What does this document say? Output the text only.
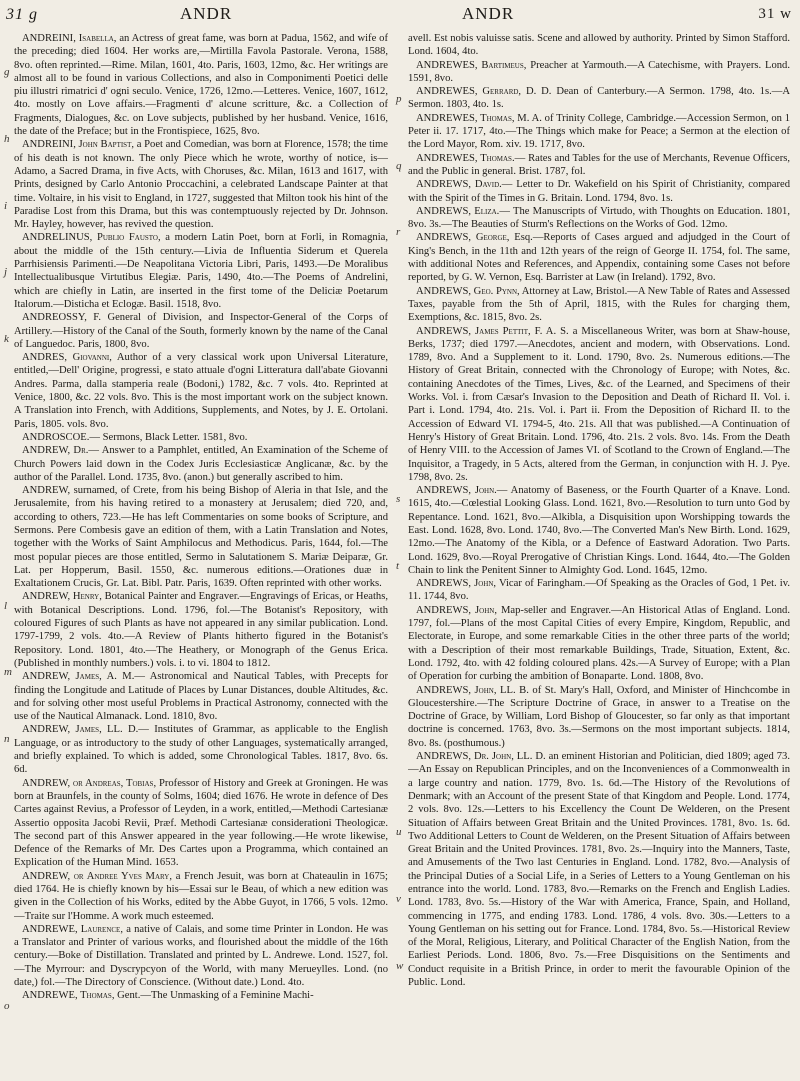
31 g	ANDR	ANDR	31 w

ANDREINI, Isabella, an Actress of great fame, was born at Padua, 1562, and wife of the preceding; died 1604. Her works are,—Mirtilla Favola Pastorale. Verona, 1588, 8vo. often reprinted.—Rime. Milan, 1601, 4to. Paris, 1603, 12mo, &c. Her writings are almost all to be found in various Collections, and also in Componimenti Poetici delle piu illustri rimatrici d' ogni seculo. Venice, 1726, 12mo.—Letteres. Venice, 1607, 1612, 4to. mostly on Love affairs.—Fragmenti d' alcune scritture, &c. a Collection of Fragments, Dialogues, &c. on Love subjects, published by her husband. Venice, 1616, the date of the Preface; but in the Frontispiece, 1625, 8vo.

ANDREINI, John Baptist, a Poet and Comedian, was born at Florence, 1578; the time of his death is not known. The only Piece which he wrote, worthy of notice, is—Adamo, a Sacred Drama, in five Acts, with Choruses, &c. Milan, 1613 and 1617, with Prints, designed by Carlo Antonio Proccachini, a celebrated Landscape Painter at that time. Voltaire, in his visit to England, in 1727, suggested that Milton took his hint of the Paradise Lost from this Drama, but this was contemptuously rejected by Dr. Johnson. Mr. Hayley, however, has revived the question.

ANDRELINUS, Publio Fausto, a modern Latin Poet, born at Forli, in Romagnia, about the middle of the 15th century.—Livia de Influentia Siderum et Querela Parrhisiensis Parimenti.—De Neapolitana Victoria Libri, Paris, 1493.—De Moralibus Intellectualibusque Virtutibus Elegiæ. Paris, 1490, 4to.—The Poems of Andrelini, which are chiefly in Latin, are inserted in the first tome of the Deliciæ Poetarum Italorum.—Disticha et Eclogæ. Basil. 1518, 8vo.

ANDREOSSY, F. General of Division, and Inspector-General of the Corps of Artillery.—History of the Canal of the South, formerly known by the name of the Canal of Languedoc. Paris, 1800, 8vo.

ANDRES, Giovanni, Author of a very classical work upon Universal Literature, entitled,—Dell' Origine, progressi, e stato attuale d'ogni Litteratura dall'abate Giovanni Andres. Parma, dalla stamperia reale (Bodoni,) 1782, &c. 7 vols. 4to. Reprinted at Venice, 1800, &c. 22 vols. 8vo. This is the most important work on the subject known. A Translation into French, with Additions, Supplements, and Notes, by J. E. Ortolani. Paris, 1805. vols. 8vo.

ANDROSCOE.— Sermons, Black Letter. 1581, 8vo.

ANDREW, Dr.— Answer to a Pamphlet, entitled, An Examination of the Scheme of Church Powers laid down in the Codex Juris Ecclesiasticæ Anglicanæ, &c. by the author of the Parallel. Lond. 1735, 8vo. (anon.) but generally ascribed to him.

ANDREW, surnamed, of Crete, from his being Bishop of Aleria in that Isle, and the Jerusalemite, from his having retired to a monastery at Jerusalem; died 720, and, according to others, 723.—He has left Commentaries on some books of Scripture, and Sermons. Pere Combesis gave an edition of them, with a Latin Translation and Notes, together with the Works of Saint Amphilocus and Methodicus. Paris, 1644, fol.—The most popular pieces are those entitled, Sermo in Salutationem S. Mariæ Deiparæ, Gr. Lat. per Hopperum, Basil. 1550, &c. numerous editions.—Orationes duæ in Exaltationem Crucis, Gr. Lat. Bibl. Patr. Paris, 1639. Often reprinted with other works.

ANDREW, Henry, Botanical Painter and Engraver.—Engravings of Ericas, or Heaths, with Botanical Descriptions. Lond. 1796, fol.—The Botanist's Repository, with coloured Figures of such Plants as have not appeared in any similar publication. Lond. 1797-1799, 2 vols. 4to.—A Review of Plants hitherto figured in the Botanist's Repository. Lond. 1801, 4to.—The Heathery, or Monograph of the Genus Erica. (Published in monthly numbers.) vols. i. to vi. 1804 to 1812.

ANDREW, James, A. M.— Astronomical and Nautical Tables, with Precepts for finding the Longitude and Latitude of Places by Lunar Distances, double Altitudes, &c. and for solving other most useful Problems in Practical Astronomy, connected with the use of the Nautical Almanack. Lond. 1810, 8vo.

ANDREW, James, LL. D.— Institutes of Grammar, as applicable to the English Language, or as introductory to the study of other Languages, systematically arranged, and briefly explained. To which is added, some Chronological Tables. 1817, 8vo. 6s. 6d.

ANDREW, or Andreas, Tobias, Professor of History and Greek at Groningen. He was born at Braunfels, in the county of Solms, 1604; died 1676. He wrote in defence of Des Cartes against Revius, a Professor of Leyden, in a work, entitled,—Methodi Cartesianæ Assertio opposita Jacobi Revii, Præf. Methodi Cartesianæ considerationi Theologicæ. The second part of this Answer appeared in the year following.—He wrote likewise, Defence of the Remarks of Mr. Des Cartes upon a Programma, which contained an Explication of the Human Mind. 1653.

ANDREW, or Andree Yves Mary, a French Jesuit, was born at Chateaulin in 1675; died 1764. He is chiefly known by his—Essai sur le Beau, of which a new edition was given in the Collection of his Works, edited by the Abbe Guyot, in 1766, 5 vols. 12mo.—Traite sur l'Homme. A work much esteemed.

ANDREWE, Laurence, a native of Calais, and some time Printer in London. He was a Translator and Printer of various works, and flourished about the middle of the 16th century.—Boke of Distillation. Translated and printed by L. Andrewe. Lond. 1527, fol.—The Myrrour: and Dyscrypcyon of the World, with many Merueylles. Lond. (no date,) fol.—The Directory of Conscience. (Without date.) Lond. 4to.

ANDREWE, Thomas, Gent.—The Unmasking of a Feminine Machi-

avell. Est nobis valuisse satis. Scene and allowed by authority. Printed by Simon Stafford. Lond. 1604, 4to.

ANDREWES, Bartimeus, Preacher at Yarmouth.—A Catechisme, with Prayers. Lond. 1591, 8vo.

ANDREWES, Gerrard, D. D. Dean of Canterbury.—A Sermon. 1798, 4to. 1s.—A Sermon. 1803, 4to. 1s.

ANDREWES, Thomas, M. A. of Trinity College, Cambridge.—Accession Sermon, on 1 Peter ii. 17. 1717, 4to.—The Things which make for Peace; a Sermon at the election of the Lord Mayor, Rom. xiv. 19. 1717, 8vo.

ANDREWES, Thomas.— Rates and Tables for the use of Merchants, Revenue Officers, and the Public in general. Brist. 1787, fol.

ANDREWS, David.— Letter to Dr. Wakefield on his Spirit of Christianity, compared with the Spirit of the Times in G. Britain. Lond. 1794, 8vo. 1s.

ANDREWS, Eliza.— The Manuscripts of Virtudo, with Thoughts on Education. 1801, 8vo. 3s.—The Beauties of Sturm's Reflections on the Works of God. 12mo.

ANDREWS, George, Esq.—Reports of Cases argued and adjudged in the Court of King's Bench, in the 11th and 12th years of the reign of George II. 1754, fol. The same, with additional Notes and References, and Appendix, containing some Cases not before reported, by G. W. Vernon, Esq. Barrister at Law (in Ireland). 1792, 8vo.

ANDREWS, Geo. Pynn, Attorney at Law, Bristol.—A New Table of Rates and Assessed Taxes, payable from the 5th of April, 1815, with the Rules for charging them, Exemptions, &c. 1815, 8vo. 2s.

ANDREWS, James Pettit, F. A. S. a Miscellaneous Writer, was born at Shaw-house, Berks, 1737; died 1797.—Anecdotes, ancient and modern, with Observations. Lond. 1789, 8vo. And a Supplement to it. Lond. 1790, 8vo. 2s. Numerous editions.—The History of Great Britain, connected with the Chronology of Europe; with Notes, &c. containing Anecdotes of the Times, Lives, &c. of the Learned, and Specimens of their Works. Vol. i. from Cæsar's Invasion to the Deposition and Death of Richard II. Vol. i. Part i. Lond. 1794, 4to. 21s. Vol. i. Part ii. From the Deposition of Richard II. to the Accession of Edward VI. 1794-5, 4to. 21s. All that was published.—A Continuation of Henry's History of Great Britain. Lond. 1796, 4to. 21s. 2 vols. 8vo. 14s. From the Death of Henry VIII. to the Accession of James VI. of Scotland to the Crown of England.—The Inquisitor, a Tragedy, in 5 Acts, altered from the German, in conjunction with H. J. Pye. 1798, 8vo. 2s.

ANDREWS, John.— Anatomy of Baseness, or the Fourth Quarter of a Knave. Lond. 1615, 4to.—Cœlestial Looking Glass. Lond. 1621, 8vo.—Resolution to turn unto God by Repentance. Lond. 1621, 8vo.—Alkibla, a Disquisition upon Worshipping towards the East. Lond. 1628, 8vo. Lond. 1740, 8vo.—The Converted Man's New Birth. Lond. 1629, 12mo.—The Anatomy of the Kibla, or a Defence of Eastward Adoration. Two Parts. Lond. 1629, 8vo.—Royal Prerogative of Christian Kings. Lond. 1644, 4to.—The Golden Chain to link the Penitent Sinner to Almighty God. Lond. 1645, 12mo.

ANDREWS, John, Vicar of Faringham.—Of Speaking as the Oracles of God, 1 Pet. iv. 11. 1744, 8vo.

ANDREWS, John, Map-seller and Engraver.—An Historical Atlas of England. Lond. 1797, fol.—Plans of the most Capital Cities of every Empire, Kingdom, Republic, and Electorate, in Europe, and some remarkable Cities in the other three parts of the world; with a Description of their most remarkable Buildings, Trade, Situation, Extent, &c. Lond. 1792, 4to. with 42 folding coloured plans. 42s.—A Survey of Europe; with a Plan of Operation for curbing the ambition of Bonaparte. Lond. 1808, 8vo.

ANDREWS, John, LL. B. of St. Mary's Hall, Oxford, and Minister of Hinchcombe in Gloucestershire.—The Scripture Doctrine of Grace, in answer to a Treatise on the Doctrine of Grace, by William, Lord Bishop of Gloucester, so far only as that important doctrine is concerned. 1763, 8vo. 3s.—Sermons on the most important subjects. 1814, 8vo. 8s. (posthumous.)

ANDREWS, Dr. John, LL. D. an eminent Historian and Politician, died 1809; aged 73.—An Essay on Republican Principles, and on the Inconveniences of a Commonwealth in a large country and nation. 1779, 8vo. 1s. 6d.—The History of the Revolutions of Denmark; with an Account of the present State of that Kingdom and People. Lond. 1774, 2 vols. 8vo. 12s.—Letters to his Excellency the Count De Welderen, on the Present Situation of Affairs between Great Britain and the United Provinces. 1781, 8vo. 1s. 6d. Two Additional Letters to Count de Welderen, on the Present Situation of Affairs between Great Britain and the United Provinces. 1781, 8vo. 2s.—Inquiry into the Manners, Taste, and Amusements of the Two last Centuries in England. Lond. 1782, 8vo.—Analysis of the Principal Duties of a Social Life, in a Series of Letters to a Young Gentleman on his entrance into the world. Lond. 1783, 8vo.—Remarks on the French and English Ladies. Lond. 1783, 8vo. 5s.—History of the War with America, France, Spain, and Holland, commencing in 1775, and ending 1783. Lond. 1786, 4 vols. 8vo. 30s.—Letters to a Young Gentleman on his setting out for France. Lond. 1784, 8vo. 5s.—Historical Review of the Moral, Religious, Literary, and Political Character of the English Nation, from the Earliest Periods. Lond. 1806, 8vo. 7s.—Free Disquisitions on the Sentiments and Conduct requisite in a British Prince, in order to merit the favourable Opinion of the Public. Lond.

g
h
i
j
k
l
m
n
o
p
q
r
s
t
u
v
w
